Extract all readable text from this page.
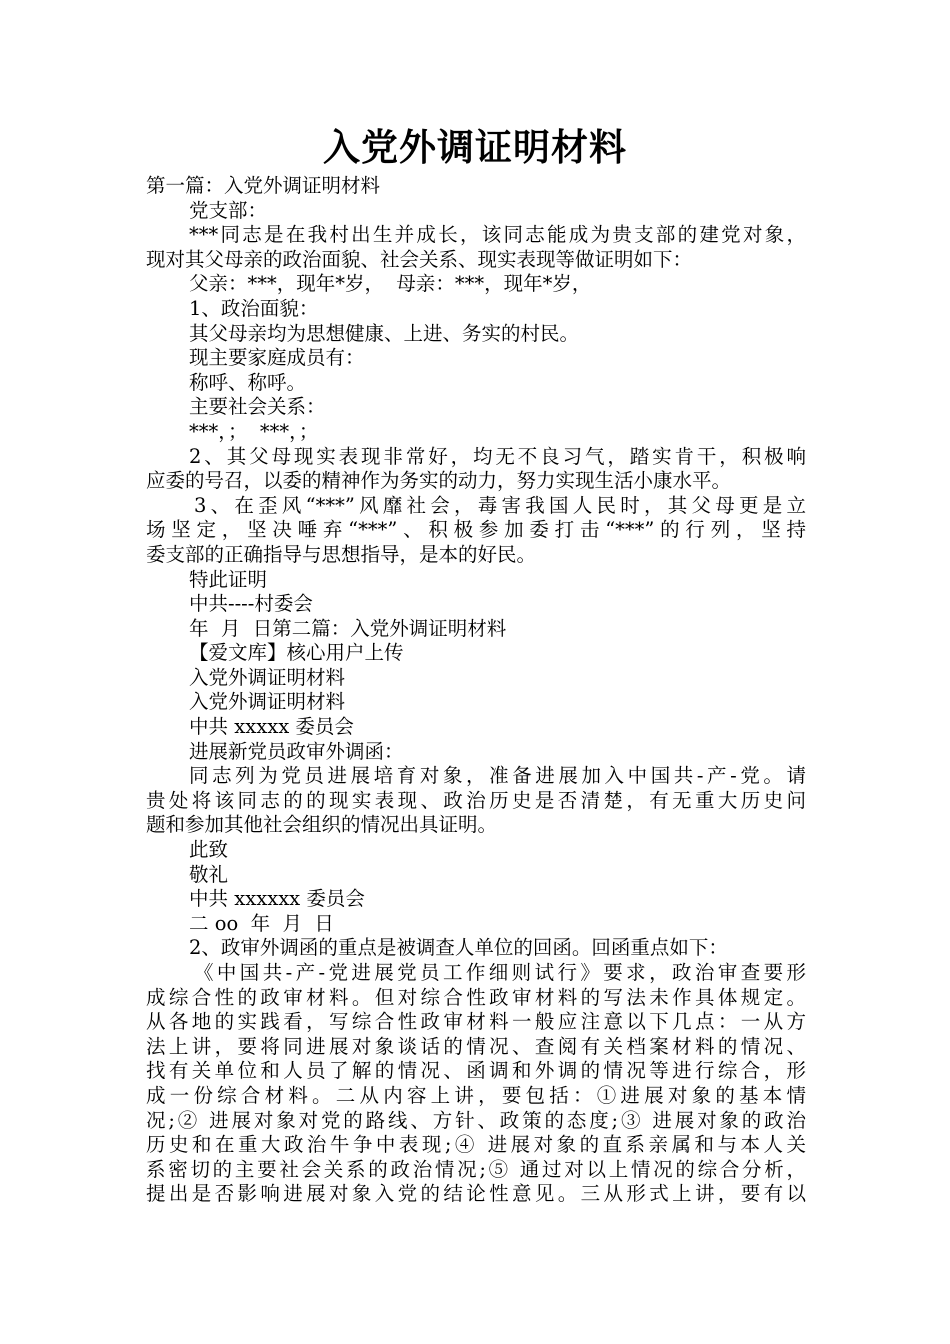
入党外调证明材料

第一篇：入党外调证明材料

党支部：

***同志是在我村出生并成长，该同志能成为贵支部的建党对象，

现对其父母亲的政治面貌、社会关系、现实表现等做证明如下：

父亲：***，现年*岁，  母亲：***，现年*岁，

1、政治面貌：

其父母亲均为思想健康、上进、务实的村民。

现主要家庭成员有：

称呼、称呼。

主要社会关系：

***，；  ***，；

2、其父母现实表现非常好，均无不良习气，踏实肯干，积极响

应委的号召，以委的精神作为务实的动力，努力实现生活小康水平。

3、在歪风“***”风靡社会，毒害我国人民时，其父母更是立

场坚定，坚决唾弃“***”、积极参加委打击“***”的行列，坚持

委支部的正确指导与思想指导，是本的好民。

特此证明

中共----村委会

年  月  日第二篇：入党外调证明材料

【爱文库】核心用户上传

入党外调证明材料

入党外调证明材料

中共 xxxxx 委员会

进展新党员政审外调函：

同志列为党员进展培育对象，准备进展加入中国共-产-党。请

贵处将该同志的的现实表现、政治历史是否清楚，有无重大历史问

题和参加其他社会组织的情况出具证明。

此致

敬礼

中共 xxxxxx 委员会

二 oo  年  月  日

2、政审外调函的重点是被调查人单位的回函。回函重点如下：

《中国共-产-党进展党员工作细则试行》要求，政治审查要形

成综合性的政审材料。但对综合性政审材料的写法未作具体规定。

从各地的实践看，写综合性政审材料一般应注意以下几点：一从方

法上讲，要将同进展对象谈话的情况、查阅有关档案材料的情况、

找有关单位和人员了解的情况、函调和外调的情况等进行综合，形

成一份综合材料。二从内容上讲，要包括：①进展对象的基本情

况;② 进展对象对党的路线、方针、政策的态度;③ 进展对象的政治

历史和在重大政治牛争中表现;④ 进展对象的直系亲属和与本人关

系密切的主要社会关系的政治情况;⑤ 通过对以上情况的综合分析，

提出是否影响进展对象入党的结论性意见。三从形式上讲，要有以
